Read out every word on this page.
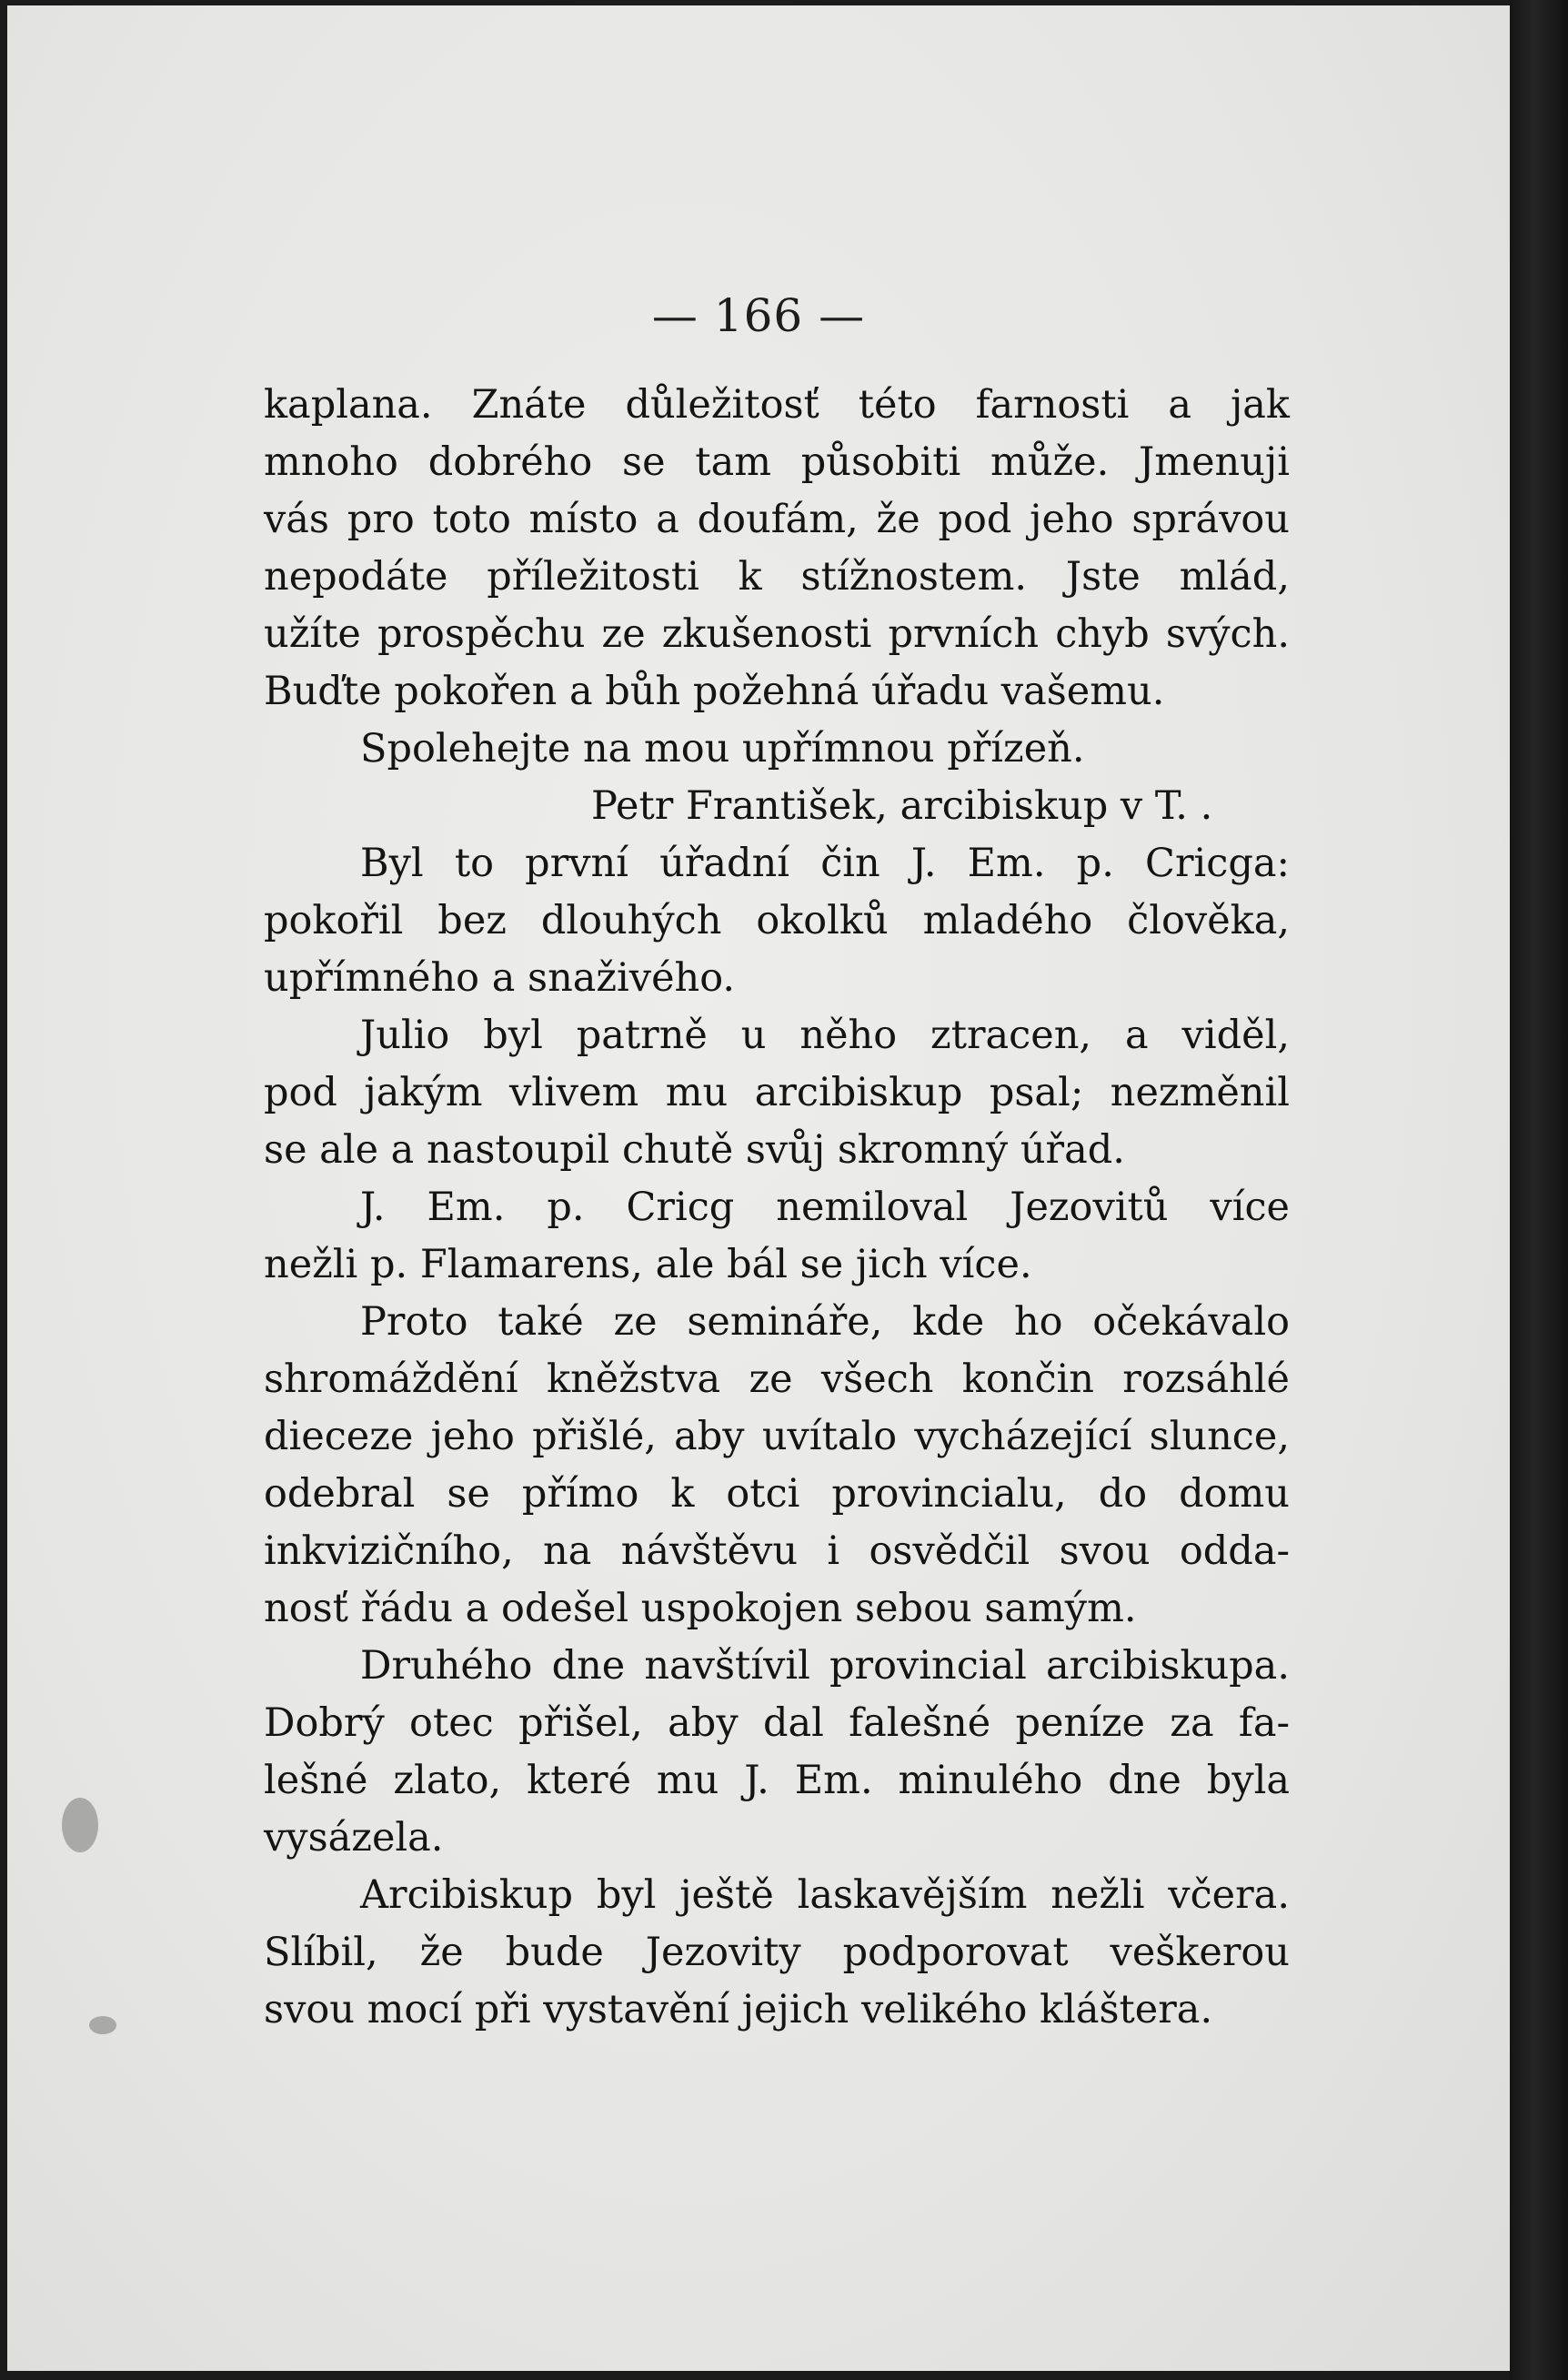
— 166 —
kaplana. Znáte důležitosť této farnosti a jak
mnoho dobrého se tam působiti může. Jmenuji
vás pro toto místo a doufám, že pod jeho správou
nepodáte příležitosti k stížnostem. Jste mlád,
užíte prospěchu ze zkušenosti prvních chyb svých.
Buďte pokořen a bůh požehná úřadu vašemu.
Spolehejte na mou upřímnou přízeň.
Petr František, arcibiskup v T. .
Byl to první úřadní čin J. Em. p. Cricga:
pokořil bez dlouhých okolků mladého člověka,
upřímného a snaživého.
Julio byl patrně u něho ztracen, a viděl,
pod jakým vlivem mu arcibiskup psal; nezměnil
se ale a nastoupil chutě svůj skromný úřad.
J. Em. p. Cricg nemiloval Jezovitů více
nežli p. Flamarens, ale bál se jich více.
Proto také ze semináře, kde ho očekávalo
shromáždění kněžstva ze všech končin rozsáhlé
dieceze jeho přišlé, aby uvítalo vycházející slunce,
odebral se přímo k otci provincialu, do domu
inkvizičního, na návštěvu i osvědčil svou odda-
nosť řádu a odešel uspokojen sebou samým.
Druhého dne navštívil provincial arcibiskupa.
Dobrý otec přišel, aby dal falešné peníze za fa-
lešné zlato, které mu J. Em. minulého dne byla
vysázela.
Arcibiskup byl ještě laskavějším nežli včera.
Slíbil, že bude Jezovity podporovat veškerou
svou mocí při vystavění jejich velikého kláštera.
